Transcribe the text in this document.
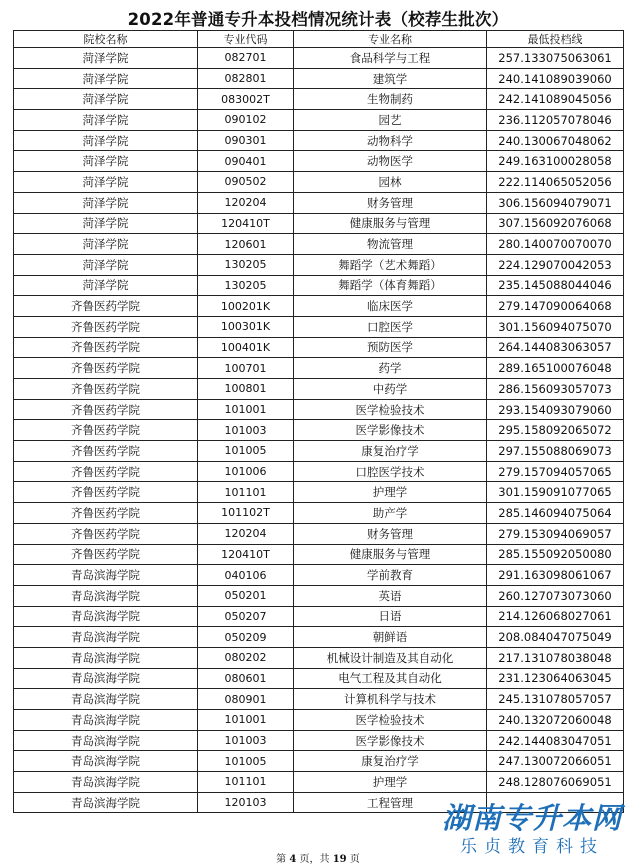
2022年普通专升本投档情况统计表（校荐生批次）
院校名称	专业代码	专业名称	最低投档线
菏泽学院	082701	食品科学与工程	257.133075063061
菏泽学院	082801	建筑学	240.141089039060
菏泽学院	083002T	生物制药	242.141089045056
菏泽学院	090102	园艺	236.112057078046
菏泽学院	090301	动物科学	240.130067048062
菏泽学院	090401	动物医学	249.163100028058
菏泽学院	090502	园林	222.114065052056
菏泽学院	120204	财务管理	306.156094079071
菏泽学院	120410T	健康服务与管理	307.156092076068
菏泽学院	120601	物流管理	280.140070070070
菏泽学院	130205	舞蹈学（艺术舞蹈）	224.129070042053
菏泽学院	130205	舞蹈学（体育舞蹈）	235.145088044046
齐鲁医药学院	100201K	临床医学	279.147090064068
齐鲁医药学院	100301K	口腔医学	301.156094075070
齐鲁医药学院	100401K	预防医学	264.144083063057
齐鲁医药学院	100701	药学	289.165100076048
齐鲁医药学院	100801	中药学	286.156093057073
齐鲁医药学院	101001	医学检验技术	293.154093079060
齐鲁医药学院	101003	医学影像技术	295.158092065072
齐鲁医药学院	101005	康复治疗学	297.155088069073
齐鲁医药学院	101006	口腔医学技术	279.157094057065
齐鲁医药学院	101101	护理学	301.159091077065
齐鲁医药学院	101102T	助产学	285.146094075064
齐鲁医药学院	120204	财务管理	279.153094069057
齐鲁医药学院	120410T	健康服务与管理	285.155092050080
青岛滨海学院	040106	学前教育	291.163098061067
青岛滨海学院	050201	英语	260.127073073060
青岛滨海学院	050207	日语	214.126068027061
青岛滨海学院	050209	朝鲜语	208.084047075049
青岛滨海学院	080202	机械设计制造及其自动化	217.131078038048
青岛滨海学院	080601	电气工程及其自动化	231.123064063045
青岛滨海学院	080901	计算机科学与技术	245.131078057057
青岛滨海学院	101001	医学检验技术	240.132072060048
青岛滨海学院	101003	医学影像技术	242.144083047051
青岛滨海学院	101005	康复治疗学	247.130072066051
青岛滨海学院	101101	护理学	248.128076069051
青岛滨海学院	120103	工程管理	
第 4 页，共 19 页
湖南专升本网
乐贞教育科技
